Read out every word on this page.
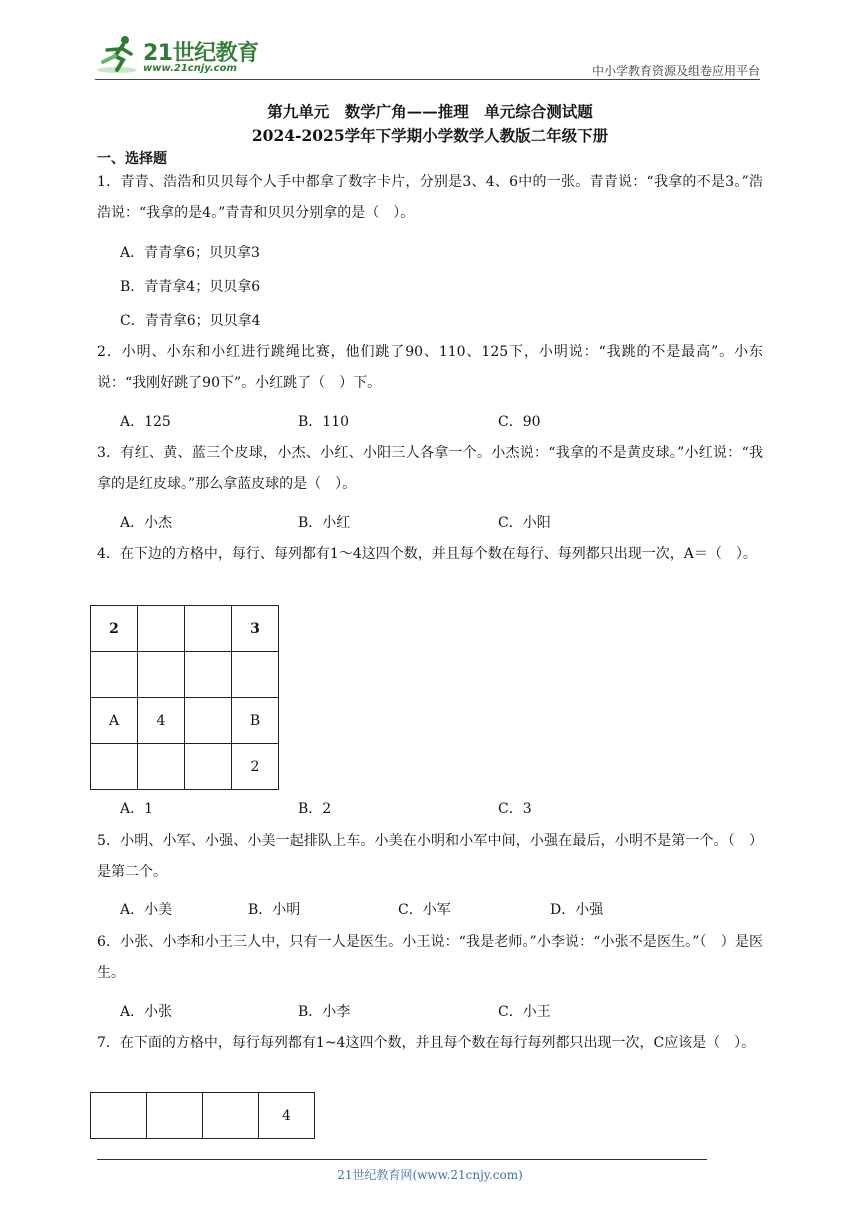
21世纪教育
www.21cnjy.com	中小学教育资源及组卷应用平台
第九单元　数学广角——推理　单元综合测试题
2024-2025学年下学期小学数学人教版二年级下册
一、选择题

1．青青、浩浩和贝贝每个人手中都拿了数字卡片，分别是3、4、6中的一张。青青说：“我拿的不是3。”浩浩说：“我拿的是4。”青青和贝贝分别拿的是（　）。

A．青青拿6；贝贝拿3
B．青青拿4；贝贝拿6
C．青青拿6；贝贝拿4

2．小明、小东和小红进行跳绳比赛，他们跳了90、110、125下，小明说：“我跳的不是最高”。小东说：“我刚好跳了90下”。小红跳了（　）下。

A．125	B．110	C．90

3．有红、黄、蓝三个皮球，小杰、小红、小阳三人各拿一个。小杰说：“我拿的不是黄皮球。”小红说：“我拿的是红皮球。”那么拿蓝皮球的是（　）。

A．小杰	B．小红	C．小阳

4．在下边的方格中，每行、每列都有1～4这四个数，并且每个数在每行、每列都只出现一次，A＝（　）。

2			3

A	4		B
			2
A．1	B．2	C．3

5．小明、小军、小强、小美一起排队上车。小美在小明和小军中间，小强在最后，小明不是第一个。（　）是第二个。

A．小美	B．小明	C．小军	D．小强

6．小张、小李和小王三人中，只有一人是医生。小王说：“我是老师。”小李说：“小张不是医生。”（　）是医生。

A．小张	B．小李	C．小王

7．在下面的方格中，每行每列都有1~4这四个数，并且每个数在每行每列都只出现一次，C应该是（　）。

			4
21世纪教育网(www.21cnjy.com)
